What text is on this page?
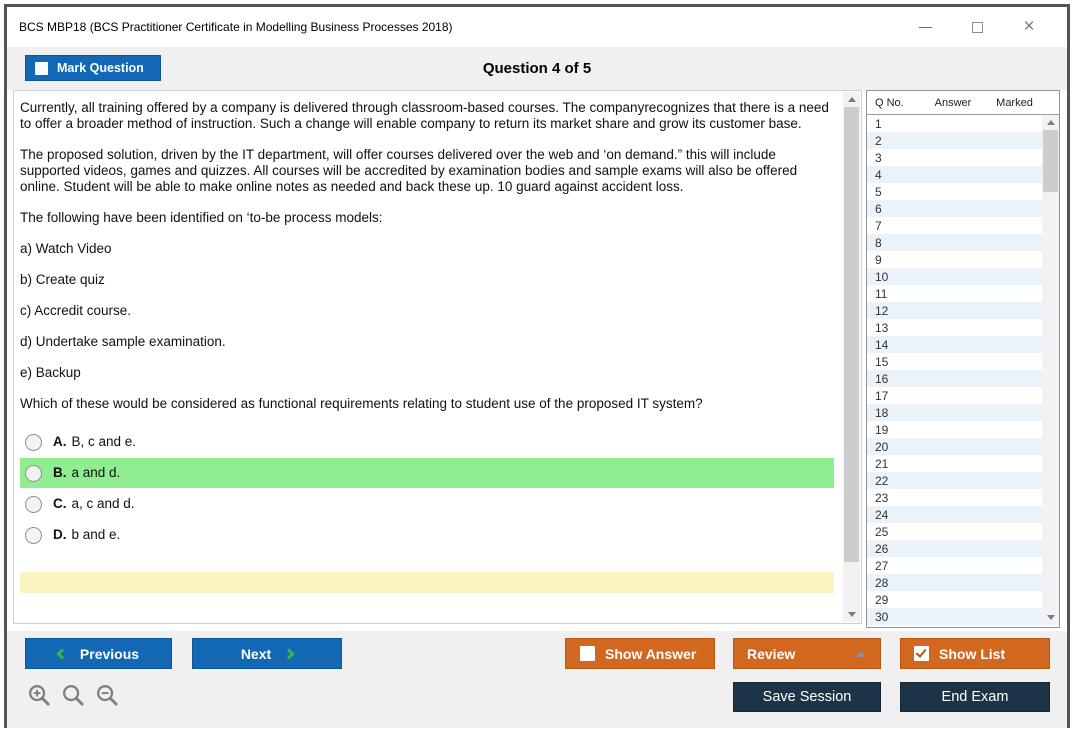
BCS MBP18 (BCS Practitioner Certificate in Modelling Business Processes 2018)	×
Mark Question	Question 4 of 5

Currently, all training offered by a company is delivered through classroom-based courses. The companyrecognizes that there is a need to offer a broader method of instruction. Such a change will enable company to return its market share and grow its customer base.

The proposed solution, driven by the IT department, will offer courses delivered over the web and ‘on demand.” this will include supported videos, games and quizzes. All courses will be accredited by examination bodies and sample exams will also be offered online. Student will be able to make online notes as needed and back these up. 10 guard against accident loss.

The following have been identified on ‘to-be process models:

a) Watch Video

b) Create quiz

c) Accredit course.

d) Undertake sample examination.

e) Backup

Which of these would be considered as functional requirements relating to student use of the proposed IT system?

A. B, c and e.
B. a and d.
C. a, c and d.
D. b and e.
Q No.	Answer	Marked
1
2
3
4
5
6
7
8
9
10
11
12
13
14
15
16
17
18
19
20
21
22
23
24
25
26
27
28
29
30
Previous	Next	Show Answer	Review	Show List
Save Session	End Exam
